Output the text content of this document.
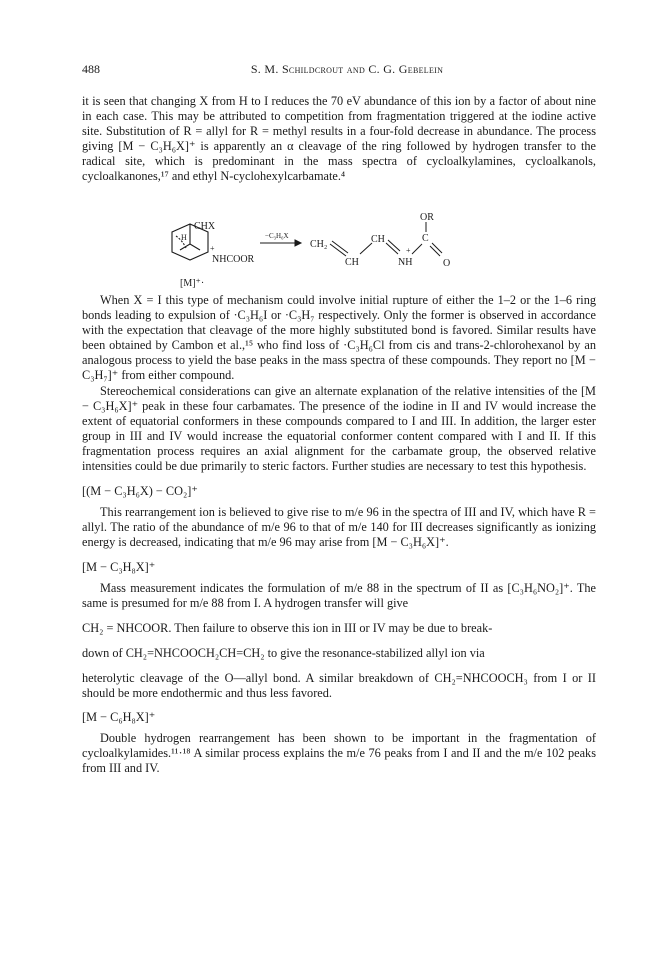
488	S. M. Schildcrout and C. G. Gebelein

it is seen that changing X from H to I reduces the 70 eV abundance of this ion by a factor of about nine in each case. This may be attributed to competition from fragmentation triggered at the iodine active site. Substitution of R = allyl for R = methyl results in a four-fold decrease in abundance. The process giving [M − C₃H₆X]⁺ is apparently an α cleavage of the ring followed by hydrogen transfer to the radical site, which is predominant in the mass spectra of cycloalkylamines, cycloalkanols, cycloalkanones,¹⁷ and ethyl N-cyclohexylcarbamate.⁴

CHX
H
NHCOOR
+
[M]⁺·
−C₃H₆X
CH₂
CH
CH
NH
+
C
OR
O

When X = I this type of mechanism could involve initial rupture of either the 1–2 or the 1–6 ring bonds leading to expulsion of ·C₃H₆I or ·C₃H₇ respectively. Only the former is observed in accordance with the expectation that cleavage of the more highly substituted bond is favored. Similar results have been obtained by Cambon et al.,¹⁵ who find loss of ·C₃H₆Cl from cis and trans-2-chlorohexanol by an analogous process to yield the base peaks in the mass spectra of these compounds. They report no [M − C₃H₇]⁺ from either compound.

Stereochemical considerations can give an alternate explanation of the relative intensities of the [M − C₃H₆X]⁺ peak in these four carbamates. The presence of the iodine in II and IV would increase the extent of equatorial conformers in these compounds compared to I and III. In addition, the larger ester group in III and IV would increase the equatorial conformer content compared with I and II. If this fragmentation process requires an axial alignment for the carbamate group, the observed relative intensities could be due primarily to steric factors. Further studies are necessary to test this hypothesis.

[(M − C₃H₆X) − CO₂]⁺

This rearrangement ion is believed to give rise to m/e 96 in the spectra of III and IV, which have R = allyl. The ratio of the abundance of m/e 96 to that of m/e 140 for III decreases significantly as ionizing energy is decreased, indicating that m/e 96 may arise from [M − C₃H₆X]⁺.

[M − C₃H₈X]⁺

Mass measurement indicates the formulation of m/e 88 in the spectrum of II as [C₃H₆NO₂]⁺. The same is presumed for m/e 88 from I. A hydrogen transfer will give

CH₂ = NHCOOR. Then failure to observe this ion in III or IV may be due to break-

down of CH₂=NHCOOCH₂CH=CH₂ to give the resonance-stabilized allyl ion via

heterolytic cleavage of the O—allyl bond. A similar breakdown of CH₂=NHCOOCH₃ from I or II should be more endothermic and thus less favored.

[M − C₆H₈X]⁺

Double hydrogen rearrangement has been shown to be important in the fragmentation of cycloalkylamides.¹¹·¹⁸ A similar process explains the m/e 76 peaks from I and II and the m/e 102 peaks from III and IV.
